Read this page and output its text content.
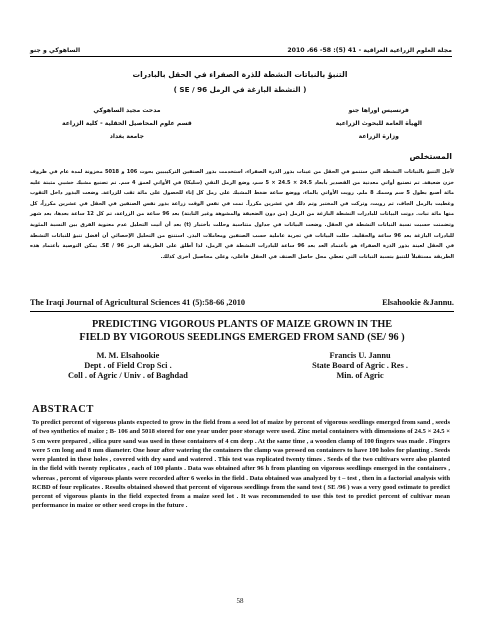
مجلة العلوم الزراعية العراقية - 41 (5): 58- 66، 2010
الساهوكي و جنو
التنبؤ بالنباتات النشطة للذرة الصفراء في الحقل بالبادرات
( النشطة البازغة في الرمل SE / 96 )
مدحت مجيد الساهوكي
قسم علوم المحاصيل الحقلية - كلية الزراعة
جامعة بغداد
فرنسيس اوراها جنو
الهيأة العامة للبحوث الزراعية
وزارة الزراعة
المستخلص
لأجل التنبؤ بالنباتات النشطة التي ستنمو في الحقل من عينات بذور الذرة الصفراء، استخدمت بذور الصنفين التركيبيين بحوث 106 و 5018 مخزونة لمدة عام في ظروف خزن ضعيفة. تم تصنيع أواني معدنية من القصدير بأبعاد 24.5 × 24.5 × 5 سم، وضع الرمل النقي (سليكا) في الأواني لعمق 4 سم. تم تصنيع مشبك خشبي مثبتة عليه مائة أصبع بطول 5 سم وسمك 8 ملم. رويت الأواني بالماء، ووضع ساعة ضغط المشبك على رمل كل إناء للحصول على مائة ثقب للزراعة. وضعت البذور داخل الثقوب وغطيت بالرمل الجاف، ثم رويت، وتركت في المختبر وتم ذلك في عشرين مكرراً. تمت في نفس الوقت زراعة بذور نفس الصنفين في الحقل في عشرين مكرراً، كل منها مائة نبات. دونت البيانات للبادرات النشطة البازغة من الرمل (من دون الضعيفة والمشوهة وغير النابتة) بعد 96 ساعة من الزراعة، تم كل 12 ساعة بعدها، بعد شهر وتضمنت حسبت نسبة النباتات النشطة في الحقل. وضعت البيانات في جداول متناسبة وحللت بأختبار (t) بعد أن أنيت التحليل عدم معنوية الفرق بين النسبة المئوية للبادرات البازغة بعد 96 ساعة والحقلية. حللت البيانات في تجربة عاملية حسب الصنفين ومعاملات البذر. استنتج من التحليل الإحصائي أن أفضل تنبؤ للنباتات النشطة في الحقل لعينة بذور الذرة الصفراء هو بأعتماد العد بعد 96 ساعة للبادرات النشطة في الرمل، لذا أطلق على الطريقة الرمز SE / 96. يمكن التوصية بأعتماد هذه الطريقة مستقبلاً للتنبؤ بنسبة النباتات التي تعطي محل حاصل الصنف في الحقل فأعلى، وعلى محاصيل أخرى كذلك.
The Iraqi Journal of Agricultural Sciences 41 (5):58-66 ,2010	Elsahookie &Jannu.
PREDICTING VIGOROUS PLANTS OF MAIZE GROWN IN THE
FIELD BY VIGOROUS SEEDLINGS EMERGED FROM SAND (SE/ 96 )
M. M. Elsahookie
Dept . of Field Crop Sci .
Coll . of Agric / Univ . of Baghdad
Francis U. Jannu
State Board of Agric . Res .
Min. of Agric
ABSTRACT
To predict percent of vigorous plants expected to grow in the field from a seed lot of maize by percent of vigorous seedlings emerged from sand , seeds of two synthetics of maize ; B- 106 and 5018 stored for one year under poor storage were used. Zinc metal containers with dimensions of 24.5 × 24.5 × 5 cm were prepared , silica pure sand was used in these containers of 4 cm deep . At the same time , a wooden clamp of 100 fingers was made . Fingers were 5 cm long and 8 mm diameter. One hour after watering the containers the clamp was pressed on containers to have 100 holes for planting . Seeds were planted in these holes , covered with dry sand and watered . This test was replicated twenty times . Seeds of the two cultivars were also planted in the field with twenty replicates , each of 100 plants . Data was obtained after 96 h from planting on vigorous seedlings emerged in the containers , whereas , percent of vigorous plants were recorded after 6 weeks in the field . Data obtained was analyzed by t – test , then in a factorial analysis with RCBD of four replicates . Results obtained showed that percent of vigorous seedlings from the sand test ( SE /96 ) was a very good estimate to predict percent of vigorous plants in the field expected from a maize seed lot . It was recommended to use this test to predict percent of cultivar mean performance in maize or other seed crops in the future .
58
